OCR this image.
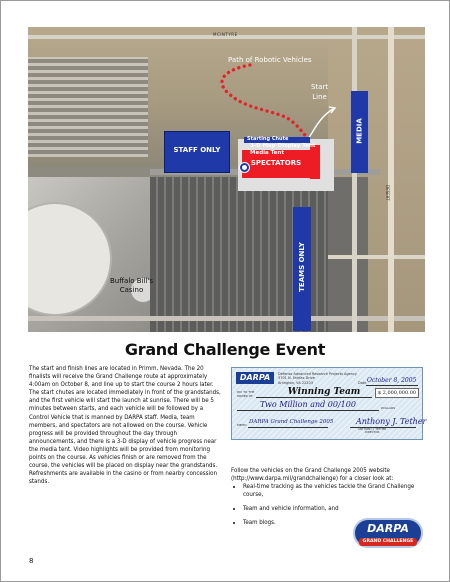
MCINTYRE
DESERT
Path of Robotic Vehicles
Start
Line
STAFF ONLY
SPECTATORS
Starting Chute
3-D Map Display Tent
Media Tent
TEAMS ONLY
MEDIA
Buffalo Bill's
Casino
Grand Challenge Event

The start and finish lines are located in Primm, Nevada. The 20 finalists will receive the Grand Challenge route at approximately 4:00am on October 8, and line up to start the course 2 hours later. The start chutes are located immediately in front of the grandstands, and the first vehicle will start the launch at sunrise. There will be 5 minutes between starts, and each vehicle will be followed by a Control Vehicle that is manned by DARPA staff. Media, team members, and spectators are not allowed on the course. Vehicle progress will be provided throughout the day through announcements, and there is a 3-D display of vehicle progress near the media tent. Video highlights will be provided from monitoring points on the course. As vehicles finish or are removed from the course, the vehicles will be placed on display near the grandstands. Refreshments are available in the casino or from nearby concession stands.

DARPA	Defense Advanced Research Projects Agency
3701 N. Fairfax Drive
Arlington, VA 22203	Date October 8, 2005
PAY TO THE
ORDER OF	Winning Team	$ 2,000,000.00
Two Million and 00/100	DOLLARS
MEMO DARPA Grand Challenge 2005	Anthony J. Tether
ANTHONY J. TETHER
DIRECTOR

Follow the vehicles on the Grand Challenge 2005 website (http://www.darpa.mil/grandchallenge) for a closer look at:

• Real-time tracking as the vehicles tackle the Grand Challenge course,
• Team and vehicle information, and
• Team blogs.	DARPA
GRAND CHALLENGE
8
